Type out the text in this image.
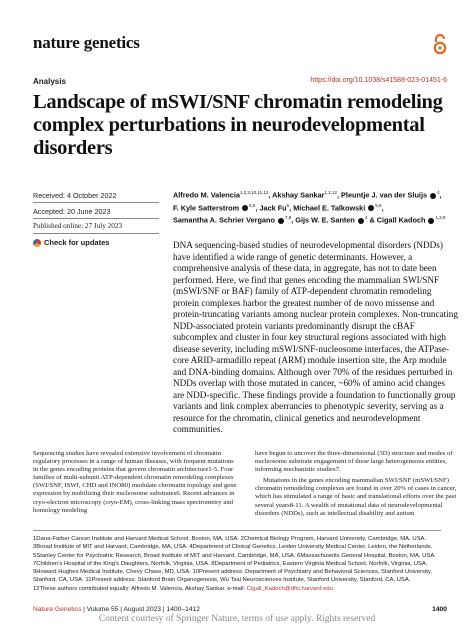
nature genetics
Analysis	https://doi.org/10.1038/s41588-023-01451-6
Landscape of mSWI/SNF chromatin remodeling complex perturbations in neurodevelopmental disorders
Received: 4 October 2022
Accepted: 20 June 2023
Published online: 27 July 2023
Check for updates
Alfredo M. Valencia$^{1,2,3,10,11,12}$, Akshay Sankar$^{1,2,12}$, Pleuntje J. van der Sluijs $^4$,
F. Kyle Satterstrom $^{5,6}$, Jack Fu$^6$, Michael E. Talkowski $^{5,6}$,
Samantha A. Schrier Vergano $^{7,8}$, Gijs W. E. Santen $^4$ & Cigall Kadoch $^{1,2,9}$
DNA sequencing-based studies of neurodevelopmental disorders (NDDs) have identified a wide range of genetic determinants. However, a comprehensive analysis of these data, in aggregate, has not to date been performed. Here, we find that genes encoding the mammalian SWI/SNF (mSWI/SNF or BAF) family of ATP-dependent chromatin remodeling protein complexes harbor the greatest number of de novo missense and protein-truncating variants among nuclear protein complexes. Non-truncating NDD-associated protein variants predominantly disrupt the cBAF subcomplex and cluster in four key structural regions associated with high disease severity, including mSWI/SNF-nucleosome interfaces, the ATPase-core ARID-armadillo repeat (ARM) module insertion site, the Arp module and DNA-binding domains. Although over 70% of the residues perturbed in NDDs overlap with those mutated in cancer, ~60% of amino acid changes are NDD-specific. These findings provide a foundation to functionally group variants and link complex aberrancies to phenotypic severity, serving as a resource for the chromatin, clinical genetics and neurodevelopment communities.

Sequencing studies have revealed extensive involvement of chromatin regulatory processes in a range of human diseases, with frequent mutations in the genes encoding proteins that govern chromatin architecture1-5. Four families of multi-subunit ATP-dependent chromatin remodeling complexes (SWI/SNF, ISWI, CHD and INO80) modulate chromatin topology and gene expression by mobilizing their nucleosome substrates6. Recent advances in cryo-electron microscopy (cryo-EM), cross-linking mass spectrometry and homology modeling

have begun to uncover the three-dimensional (3D) structure and modes of nucleosome substrate engagement of these large heterogeneous entities, informing mechanistic studies7.

Mutations in the genes encoding mammalian SWI/SNF (mSWI/SNF) chromatin remodeling complexes are found in over 20% of cases in cancer, which has stimulated a range of basic and translational efforts over the past several years8-11. A wealth of mutational data of neurodevelopmental disorders (NDDs), such as intellectual disability and autism

1Dana-Farber Cancer Institute and Harvard Medical School, Boston, MA, USA. 2Chemical Biology Program, Harvard University, Cambridge, MA, USA.

3Broad Institute of MIT and Harvard, Cambridge, MA, USA. 4Department of Clinical Genetics, Leiden University Medical Center, Leiden, the Netherlands.

5Stanley Center for Psychiatric Research, Broad Institute of MIT and Harvard, Cambridge, MA, USA. 6Massachusetts General Hospital, Boston, MA, USA.

7Children's Hospital of the King's Daughters, Norfolk, Virginia, USA. 8Department of Pediatrics, Eastern Virginia Medical School, Norfolk, Virginia, USA.

9Howard Hughes Medical Institute, Chevy Chase, MD, USA. 10Present address: Department of Psychiatry and Behavioral Sciences, Stanford University,

Stanford, CA, USA. 11Present address: Stanford Brain Organogenesis, Wu Tsai Neurosciences Institute, Stanford University, Stanford, CA, USA.

12These authors contributed equally: Alfredo M. Valencia, Akshay Sankar. e-mail: Cigall_Kadoch@dfci.harvard.edu

Nature Genetics | Volume 55 | August 2023 | 1400–1412	1400
Content courtesy of Springer Nature, terms of use apply. Rights reserved
